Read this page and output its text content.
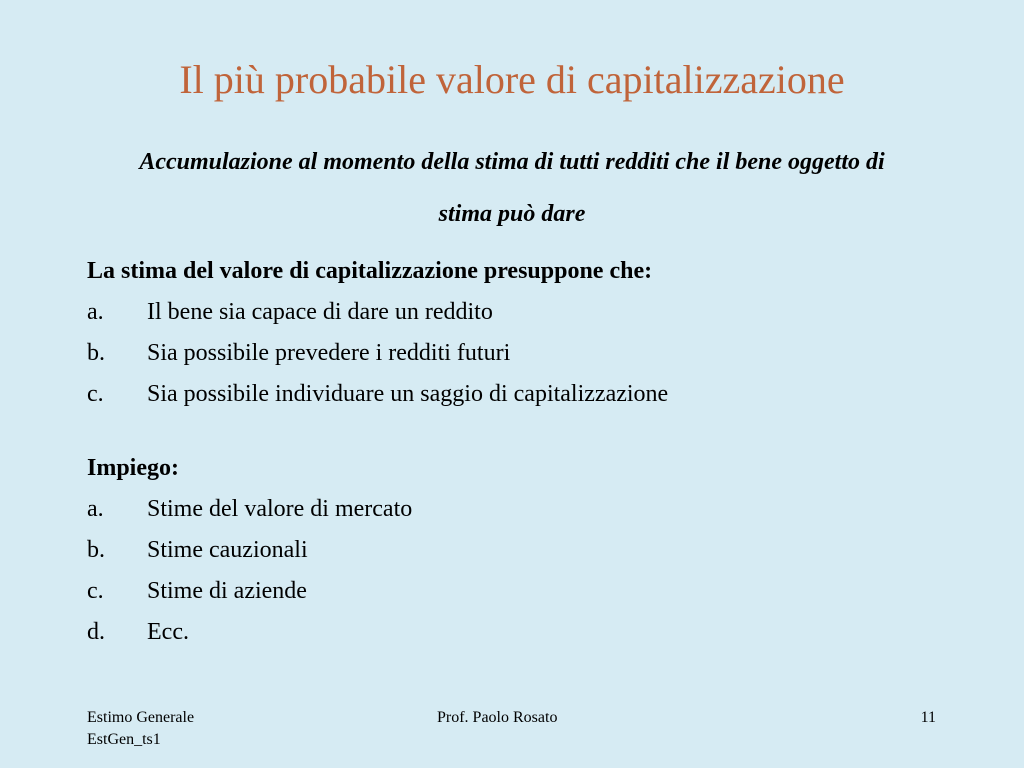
Il più probabile valore di capitalizzazione
Accumulazione al momento della stima di tutti redditi che il bene oggetto di stima può dare
La stima del valore di capitalizzazione presuppone che:
a. Il bene sia capace di dare un reddito
b. Sia possibile prevedere i redditi futuri
c. Sia possibile individuare un saggio di capitalizzazione
Impiego:
a. Stime del valore di mercato
b. Stime cauzionali
c. Stime di aziende
d. Ecc.
Estimo Generale
EstGen_ts1
Prof. Paolo Rosato	11
